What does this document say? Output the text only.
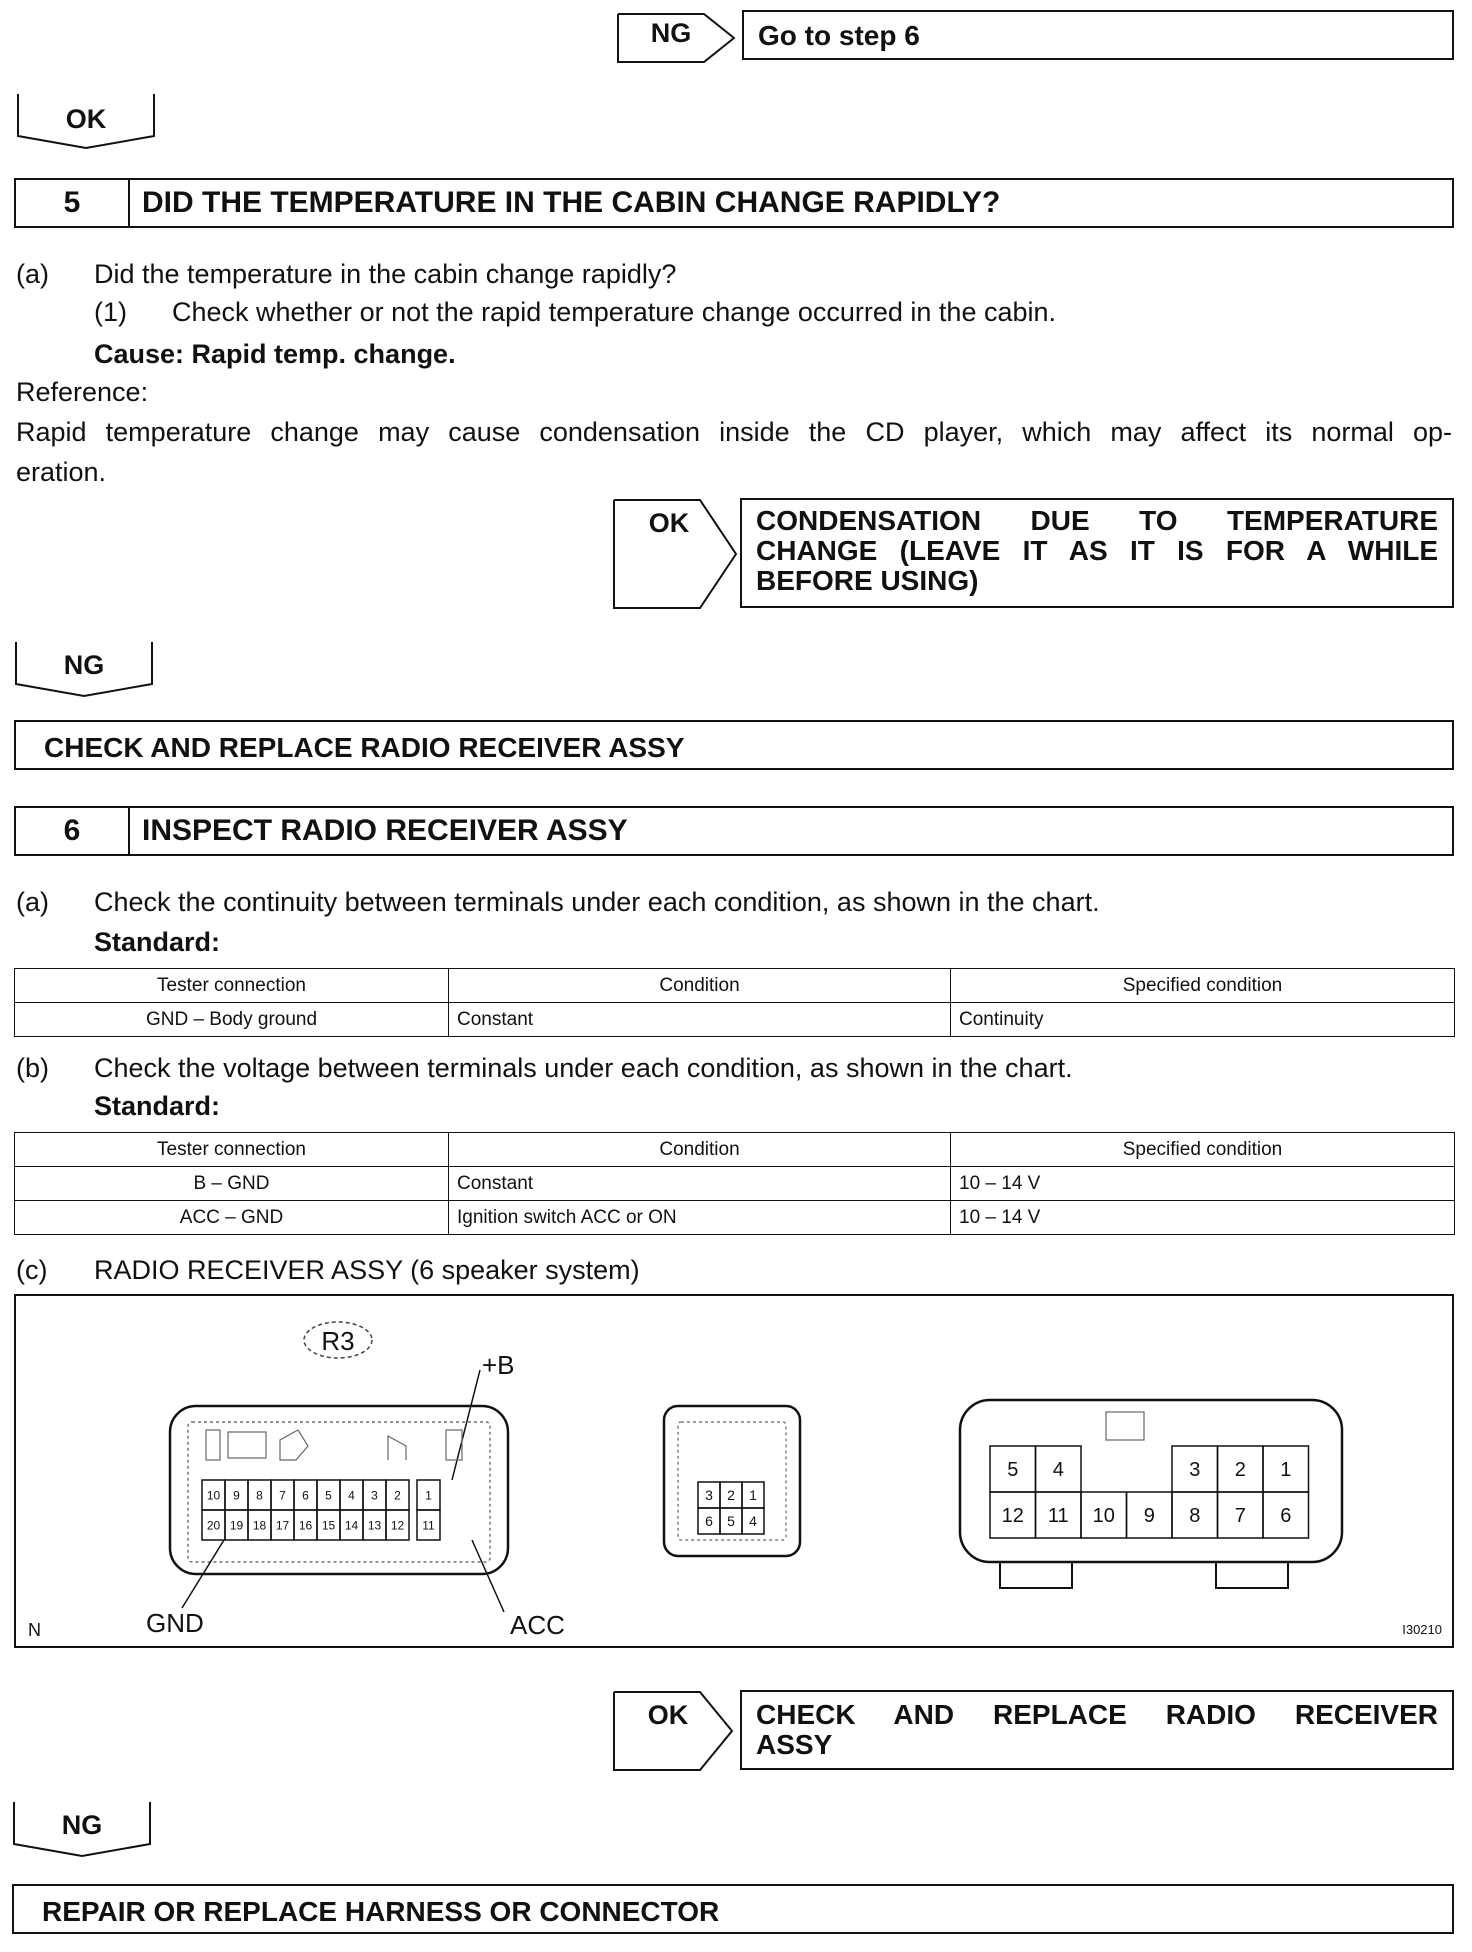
NG	Go to step 6
OK
5	DID THE TEMPERATURE IN THE CABIN CHANGE RAPIDLY?
(a) Did the temperature in the cabin change rapidly?
(1) Check whether or not the rapid temperature change occurred in the cabin.
Cause: Rapid temp. change.
Reference:
Rapid temperature change may cause condensation inside the CD player, which may affect its normal op-
eration.
OK	CONDENSATION DUE TO TEMPERATURE
CHANGE (LEAVE IT AS IT IS FOR A WHILE
BEFORE USING)
NG
CHECK AND REPLACE RADIO RECEIVER ASSY
6	INSPECT RADIO RECEIVER ASSY
(a) Check the continuity between terminals under each condition, as shown in the chart.
Standard:
Tester connection	Condition	Specified condition
GND – Body ground	Constant	Continuity
(b) Check the voltage between terminals under each condition, as shown in the chart.
Standard:
Tester connection	Condition	Specified condition
B – GND	Constant	10 – 14 V
ACC – GND	Ignition switch ACC or ON	10 – 14 V
(c) RADIO RECEIVER ASSY (6 speaker system)
R3
+B
10 9 8 7 6 5 4 3 2 1
20 19 18 17 16 15 14 13 12 11
GND	ACC
3 2 1
6 5 4
5 4	3 2 1
12 11 10 9 8 7 6
N	I30210
OK	CHECK AND REPLACE RADIO RECEIVER
ASSY
NG
REPAIR OR REPLACE HARNESS OR CONNECTOR
